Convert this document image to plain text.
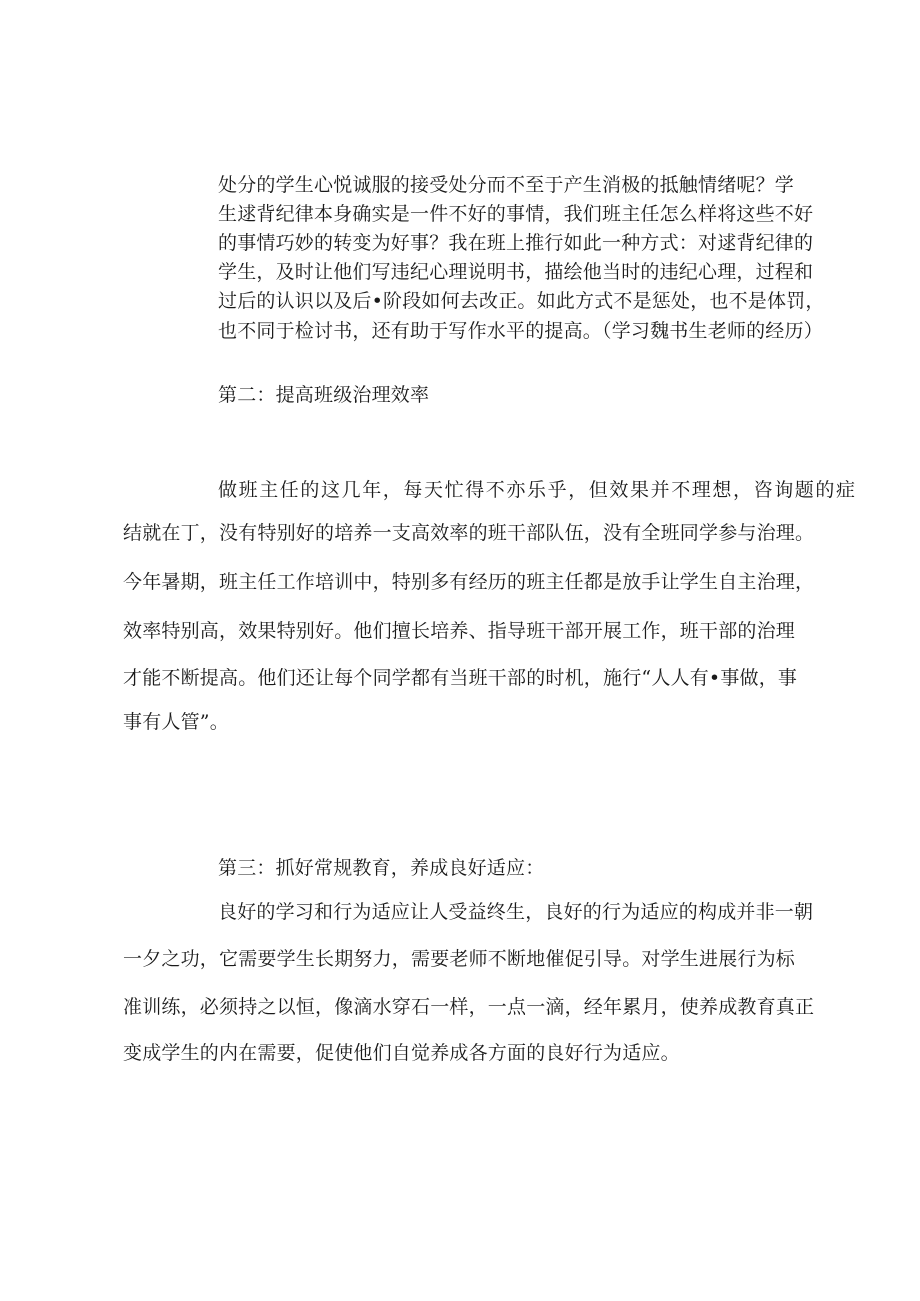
处分的学生心悦诚服的接受处分而不至于产生消极的抵触情绪呢？学
生逑背纪律本身确实是一件不好的事情，我们班主任怎么样将这些不好
的事情巧妙的转变为好事？我在班上推行如此一种方式：对逑背纪律的
学生，及时让他们写违纪心理说明书，描绘他当时的违纪心理，过程和
过后的认识以及后•阶段如何去改正。如此方式不是惩处，也不是体罚，
也不同于检讨书，还有助于写作水平的提高。（学习魏书生老师的经历）
第二：提高班级治理效率
做班主任的这几年，每天忙得不亦乐乎，但效果并不理想，咨询题的症
结就在丁，没有特别好的培养一支高效率的班干部队伍，没有全班同学参与治理。
今年暑期，班主任工作培训中，特别多有经历的班主任都是放手让学生自主治理，
效率特别高，效果特别好。他们擅长培养、指导班干部开展工作，班干部的治理
才能不断提高。他们还让每个同学都有当班干部的时机，施行“人人有•事做，事
事有人管”。
第三：抓好常规教育，养成良好适应：
良好的学习和行为适应让人受益终生，良好的行为适应的构成并非一朝
一夕之功，它需要学生长期努力，需要老师不断地催促引导。对学生进展行为标
准训练，必须持之以恒，像滴水穿石一样，一点一滴，经年累月，使养成教育真正
变成学生的内在需要，促使他们自觉养成各方面的良好行为适应。
